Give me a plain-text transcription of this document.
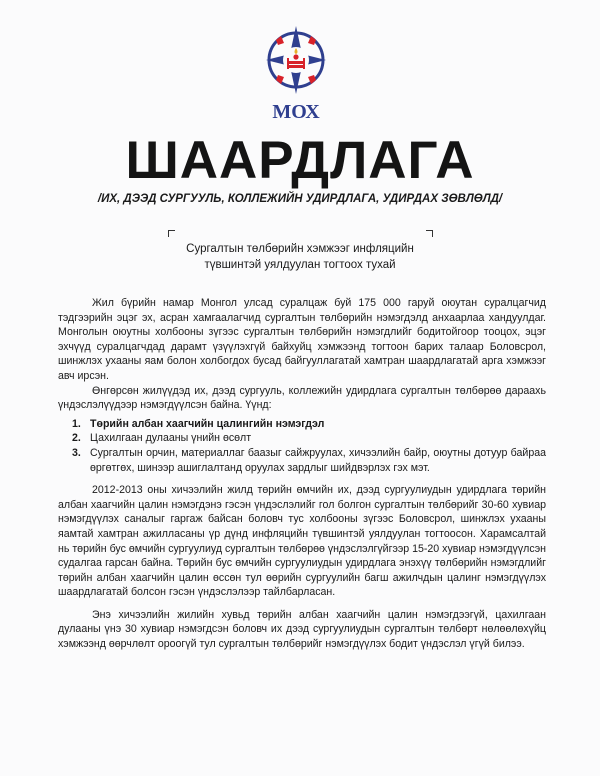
МОХ
ШААРДЛАГА
/ИХ, ДЭЭД СУРГУУЛЬ, КОЛЛЕЖИЙН УДИРДЛАГА, УДИРДАХ ЗӨВЛӨЛД/
Сургалтын төлбөрийн хэмжээг инфляцийн
түвшинтэй уялдуулан тогтоох тухай

Жил бүрийн намар Монгол улсад суралцаж буй 175 000 гаруй оюутан суралцагчид тэдгээрийн эцэг эх, асран хамгаалагчид сургалтын төлбөрийн нэмэгдэлд анхаарлаа хандуулдаг. Монголын оюутны холбооны зүгээс сургалтын төлбөрийн нэмэгдлийг бодитойгоор тооцох, эцэг эхчүүд суралцагчдад дарамт үзүүлэхгүй байхуйц хэмжээнд тогтоон барих талаар Боловсрол, шинжлэх ухааны яам болон холбогдох бусад байгууллагатай хамтран шаардлагатай арга хэмжээг авч ирсэн.

Өнгөрсөн жилүүдэд их, дээд сургууль, коллежийн удирдлага сургалтын төлбөрөө дараахь үндэслэлүүдээр нэмэгдүүлсэн байна. Үүнд:

1. Төрийн албан хаагчийн цалингийн нэмэгдэл
2. Цахилгаан дулааны үнийн өсөлт
3. Сургалтын орчин, материаллаг баазыг сайжруулах, хичээлийн байр, оюутны дотуур байраа өргөтгөх, шинээр ашиглалтанд оруулах зардлыг шийдвэрлэх гэх мэт.

2012-2013 оны хичээлийн жилд төрийн өмчийн их, дээд сургуулиудын удирдлага төрийн албан хаагчийн цалин нэмэгдэнэ гэсэн үндэслэлийг гол болгон сургалтын төлбөрийг 30-60 хувиар нэмэгдүүлэх саналыг гаргаж байсан боловч тус холбооны зүгээс Боловсрол, шинжлэх ухааны яамтай хамтран ажилласаны үр дүнд инфляцийн түвшинтэй уялдуулан тогтоосон. Харамсалтай нь төрийн бус өмчийн сургуулиуд сургалтын төлбөрөө үндэслэлгүйгээр 15-20 хувиар нэмэгдүүлсэн судалгаа гарсан байна. Төрийн бус өмчийн сургуулиудын удирдлага энэхүү төлбөрийн нэмэгдлийг төрийн албан хаагчийн цалин өссөн тул өөрийн сургуулийн багш ажилчдын цалинг нэмэгдүүлэх шаардлагатай болсон гэсэн үндэслэлээр тайлбарласан.

Энэ хичээлийн жилийн хувьд төрийн албан хаагчийн цалин нэмэгдээгүй, цахилгаан дулааны үнэ 30 хувиар нэмэгдсэн боловч их дээд сургуулиудын сургалтын төлбөрт нөлөөлөхүйц хэмжээнд өөрчлөлт ороогүй тул сургалтын төлбөрийг нэмэгдүүлэх бодит үндэслэл үгүй билээ.
